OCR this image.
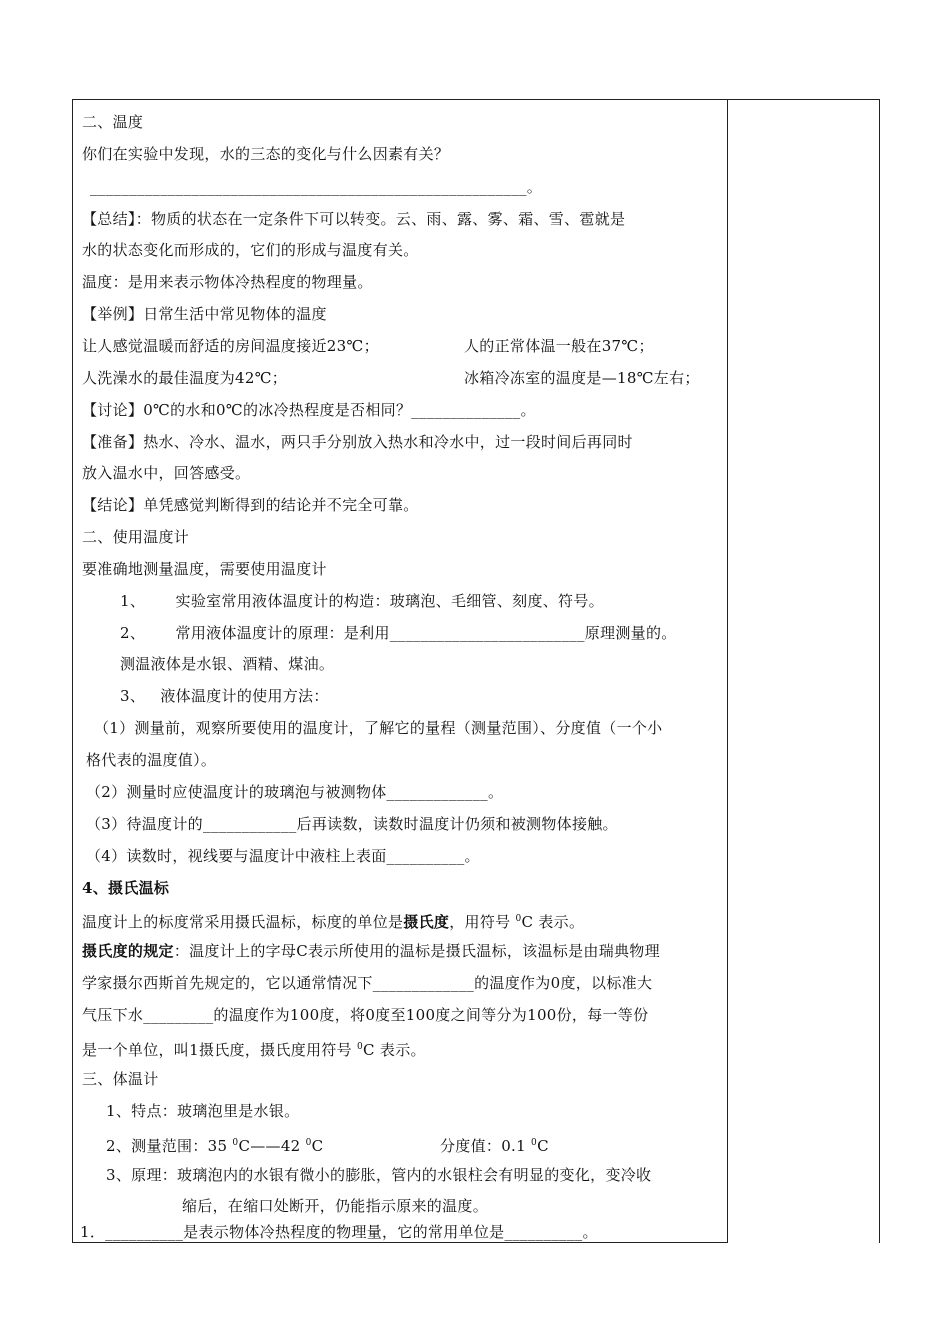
二、温度
你们在实验中发现，水的三态的变化与什么因素有关？
________________________________________________________。
【总结】：物质的状态在一定条件下可以转变。云、雨、露、雾、霜、雪、雹就是
水的状态变化而形成的，它们的形成与温度有关。
温度：是用来表示物体冷热程度的物理量。
【举例】日常生活中常见物体的温度
让人感觉温暖而舒适的房间温度接近23℃；	人的正常体温一般在37℃；
人洗澡水的最佳温度为42℃；	冰箱冷冻室的温度是—18℃左右；
【讨论】0℃的水和0℃的冰冷热程度是否相同？______________。
【准备】热水、冷水、温水，两只手分别放入热水和冷水中，过一段时间后再同时
放入温水中，回答感受。
【结论】单凭感觉判断得到的结论并不完全可靠。
二、使用温度计
要准确地测量温度，需要使用温度计
1、      实验室常用液体温度计的构造：玻璃泡、毛细管、刻度、符号。
2、      常用液体温度计的原理：是利用_________________________原理测量的。
测温液体是水银、酒精、煤油。
3、   液体温度计的使用方法：
（1）测量前，观察所要使用的温度计，了解它的量程（测量范围）、分度值（一个小
格代表的温度值）。
（2）测量时应使温度计的玻璃泡与被测物体_____________。
（3）待温度计的____________后再读数，读数时温度计仍须和被测物体接触。
（4）读数时，视线要与温度计中液柱上表面__________。
4、摄氏温标
温度计上的标度常采用摄氏温标，标度的单位是摄氏度，用符号 $^0$C 表示。
摄氏度的规定：温度计上的字母C表示所使用的温标是摄氏温标，该温标是由瑞典物理
学家摄尔西斯首先规定的，它以通常情况下_____________的温度作为0度，以标准大
气压下水_________的温度作为100度，将0度至100度之间等分为100份，每一等份
是一个单位，叫1摄氏度，摄氏度用符号 $^0$C 表示。
三、体温计
1、特点：玻璃泡里是水银。
2、测量范围：35 $^0$C——42 $^0$C	分度值：0.1 $^0$C
3、原理：玻璃泡内的水银有微小的膨胀，管内的水银柱会有明显的变化，变冷收
缩后，在缩口处断开，仍能指示原来的温度。
1．__________是表示物体冷热程度的物理量，它的常用单位是__________。
